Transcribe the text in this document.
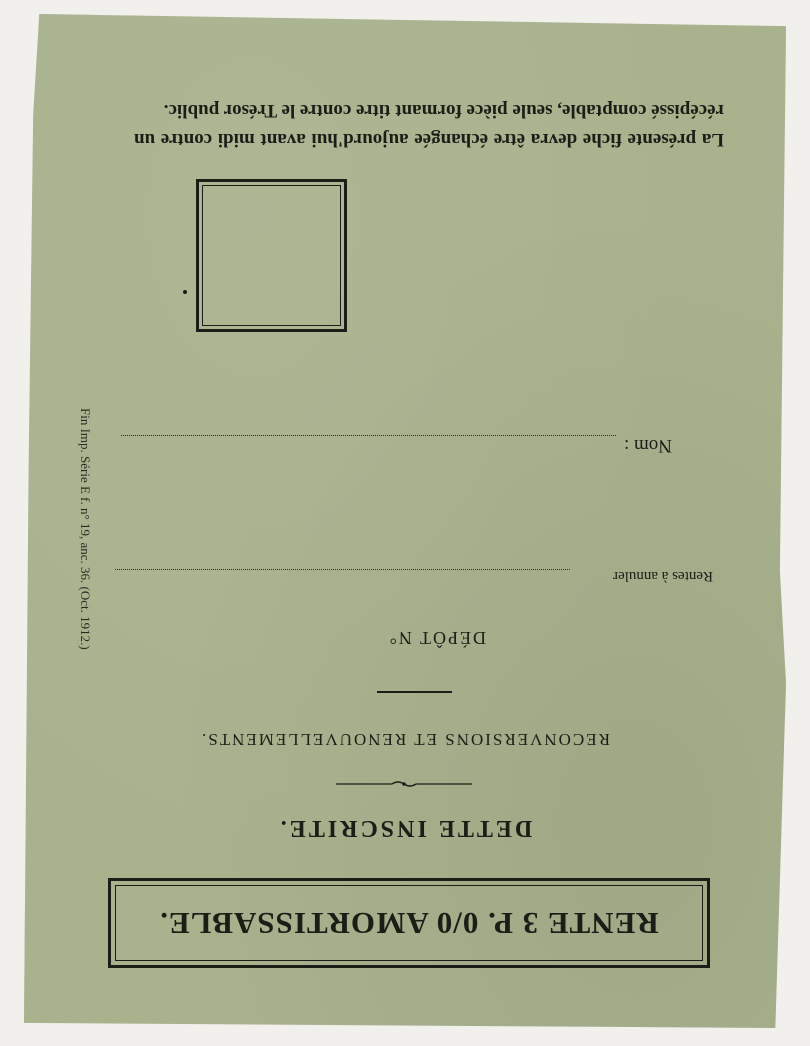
RENTE 3 P. 0/0 AMORTISSABLE.
DETTE INSCRITE.
RECONVERSIONS ET RENOUVELLEMENTS.
DÉPÔT N°
Rentes à annuler
Nom :
La présente fiche devra être échangée aujourd'hui avant midi contre un récépissé comptable, seule pièce formant titre contre le Trésor public.
Fin Imp. Série E f. n° 19, anc. 36. (Oct. 1912.)
